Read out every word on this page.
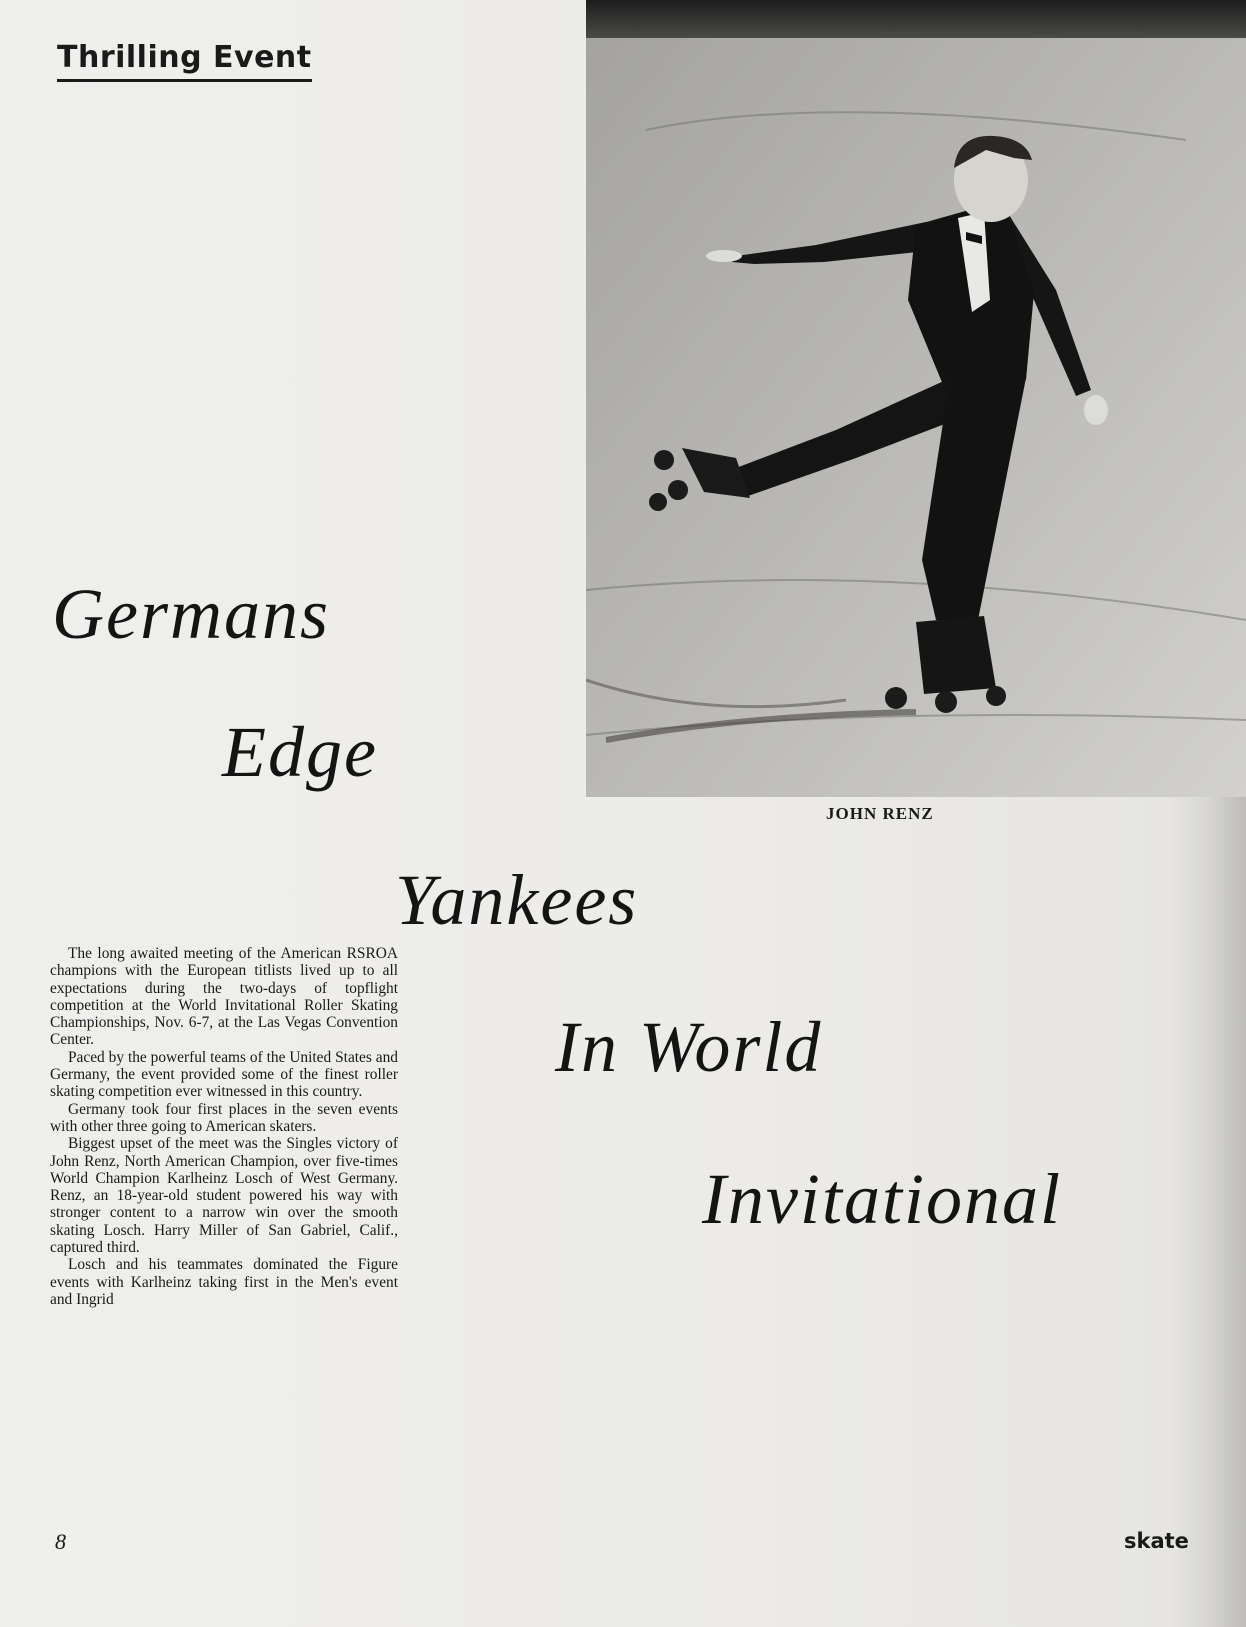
Thrilling Event
JOHN RENZ
Germans
Edge
Yankees
In World
Invitational

The long awaited meeting of the American RSROA champions with the European titlists lived up to all expectations during the two-days of topflight competition at the World Invitational Roller Skating Championships, Nov. 6-7, at the Las Vegas Convention Center.

Paced by the powerful teams of the United States and Germany, the event provided some of the finest roller skating competition ever witnessed in this country.

Germany took four first places in the seven events with other three going to American skaters.

Biggest upset of the meet was the Singles victory of John Renz, North American Champion, over five-times World Champion Karlheinz Losch of West Germany. Renz, an 18-year-old student powered his way with stronger content to a narrow win over the smooth skating Losch. Harry Miller of San Gabriel, Calif., captured third.

Losch and his teammates dominated the Figure events with Karlheinz taking first in the Men's event and Ingrid

8	skate
